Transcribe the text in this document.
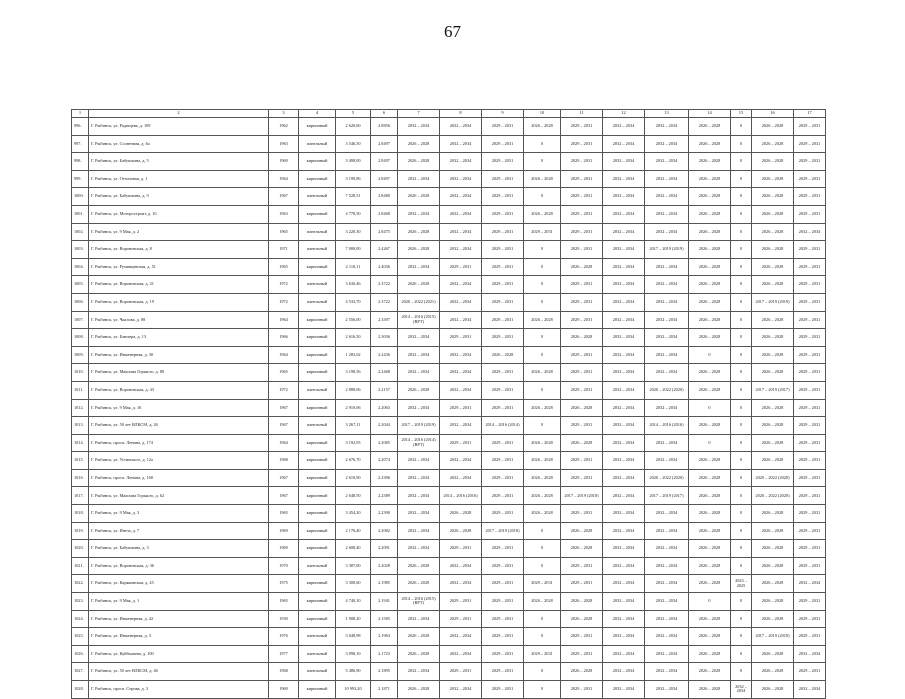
67
1	2	3	4	5	6	7	8	9	10	11	12	13	14	15	16	17
996.	Г. Рыбинск, ул. Радищева, д. 109	1962	кирпичный	2 620,60	2.8856	2032 – 2034	2032 – 2034	2029 – 2031	2026 – 2028	2029 – 2031	2032 – 2034	2032 – 2034	2026 – 2028	0	2026 – 2028	2029 – 2031
997.	Г. Рыбинск, ул. Солнечная, д. 6а	1963	панельный	3 546,50	2.8497	2026 – 2028	2032 – 2034	2029 – 2031	0	2029 – 2031	2032 – 2034	2032 – 2034	2026 – 2028	0	2026 – 2028	2029 – 2031
998.	Г. Рыбинск, ул. Бабушкина, д. 5	1969	кирпичный	3 498,00	2.8497	2026 – 2028	2032 – 2034	2029 – 2031	0	2029 – 2031	2032 – 2034	2032 – 2034	2026 – 2028	0	2026 – 2028	2029 – 2031
999.	Г. Рыбинск, ул. Отгоновая, д. 1	1964	кирпичный	3 199,86	2.8497	2032 – 2034	2032 – 2034	2029 – 2031	2026 – 2028	2029 – 2031	2032 – 2034	2032 – 2034	2026 – 2028	0	2026 – 2028	2029 – 2031
1000.	Г. Рыбинск, ул. Бабушкина, д. 9	1967	панельный	7 528,51	2.8480	2026 – 2028	2032 – 2034	2029 – 2031	0	2029 – 2031	2032 – 2034	2032 – 2034	2026 – 2028	0	2026 – 2028	2029 – 2031
1001.	Г. Рыбинск, ул. Моторостроит, д. 10	1963	кирпичный	4 778,50	2.8468	2032 – 2034	2032 – 2034	2029 – 2031	2026 – 2028	2029 – 2031	2032 – 2034	2032 – 2034	2026 – 2028	0	2026 – 2028	2029 – 2031
1002.	Г. Рыбинск, ул. 9 Мая, д. 2	1965	панельный	3 220,30	2.8475	2026 – 2028	2032 – 2034	2029 – 2031	2029 – 2031	2029 – 2031	2032 – 2034	2032 – 2034	2026 – 2028	0	2026 – 2028	2032 – 2034
1003.	Г. Рыбинск, ул. Вороновская, д. 8	1971	панельный	7 000,00	2.4267	2026 – 2028	2032 – 2034	2029 – 2031	0	2029 – 2031	2032 – 2034	2017 – 2019 (2019)	2026 – 2028	0	2026 – 2028	2029 – 2031
1004.	Г. Рыбинск, ул. Румянцевская, д. 51	1965	кирпичный	2 118,11	2.4036	2032 – 2034	2029 – 2031	2029 – 2031	0	2026 – 2028	2032 – 2034	2032 – 2034	2026 – 2028	0	2026 – 2028	2029 – 2031
1005.	Г. Рыбинск, ул. Вороновская, д. 21	1972	панельный	3 630,46	2.3722	2026 – 2028	2032 – 2034	2029 – 2031	0	2029 – 2031	2032 – 2034	2032 – 2034	2026 – 2028	0	2026 – 2028	2029 – 2031
1006.	Г. Рыбинск, ул. Вороновская, д. 19	1972	панельный	4 533,70	2.3722	2020 – 2022 (2021)	2032 – 2034	2029 – 2031	0	2029 – 2031	2032 – 2034	2032 – 2034	2026 – 2028	0	2017 – 2019 (2019)	2029 – 2031
1007.	Г. Рыбинск, ул. Чкалова, д. 88	1964	кирпичный	2 556,00	2.3397	2014 – 2016 (2015)(ВРТ)	2032 – 2034	2029 – 2031	2026 – 2028	2029 – 2031	2032 – 2034	2032 – 2034	2026 – 2028	0	2026 – 2028	2029 – 2031
1008.	Г. Рыбинск, ул. Блюхера, д. 13	1966	кирпичный	2 616,50	2.3036	2032 – 2034	2029 – 2031	2029 – 2031	0	2026 – 2028	2032 – 2034	2032 – 2034	2026 – 2028	0	2026 – 2028	2029 – 2031
1009.	Г. Рыбинск, ул. Инженерная, д. 30	1964	кирпичный	1 283,02	2.2436	2032 – 2034	2032 – 2034	2026 – 2028	0	2029 – 2031	2032 – 2034	2032 – 2034	0	0	2026 – 2028	2029 – 2031
1010.	Г. Рыбинск, ул. Максима Горького, д. 80	1965	кирпичный	3 198,56	2.2468	2032 – 2034	2032 – 2034	2029 – 2031	2026 – 2028	2029 – 2031	2032 – 2034	2032 – 2034	2026 – 2028	0	2026 – 2028	2029 – 2031
1011.	Г. Рыбинск, ул. Вороновская, д. 43	1972	панельный	2 888,06	2.2157	2026 – 2028	2032 – 2034	2029 – 2031	0	2029 – 2031	2032 – 2034	2020 – 2022 (2020)	2026 – 2028	0	2017 – 2019 (2017)	2029 – 2031
1012.	Г. Рыбинск, ул. 9 Мая, д. 16	1967	кирпичный	2 910,06	2.2063	2032 – 2034	2029 – 2031	2029 – 2031	2026 – 2028	2026 – 2028	2032 – 2034	2032 – 2034	0	0	2026 – 2028	2029 – 2031
1013.	Г. Рыбинск, ул. 50 лет ВЛКСМ, д. 26	1967	панельный	3 267,11	2.2044	2017 – 2019 (2019)	2032 – 2034	2014 – 2016 (2014)	0	2029 – 2031	2032 – 2034	2014 – 2016 (2016)	2026 – 2028	0	2026 – 2028	2029 – 2031
1014.	Г. Рыбинск, просп. Ленина, д. 174	1964	кирпичный	3 192,93	2.2085	2014 – 2016 (2014)(ВРТ)	2029 – 2031	2029 – 2031	2026 – 2028	2026 – 2028	2032 – 2034	2032 – 2034	0	0	2026 – 2028	2029 – 2031
1015.	Г. Рыбинск, ул. Устинского, д. 12а	1968	кирпичный	2 676,70	2.2074	2032 – 2034	2032 – 2034	2029 – 2031	2026 – 2028	2029 – 2031	2032 – 2034	2032 – 2034	2026 – 2028	0	2026 – 2028	2029 – 2031
1016.	Г. Рыбинск, просп. Ленина, д. 168	1967	кирпичный	2 618,90	2.2396	2032 – 2034	2032 – 2034	2029 – 2031	2026 – 2028	2029 – 2031	2032 – 2034	2020 – 2022 (2020)	2026 – 2028	0	2020 – 2022 (2020)	2029 – 2031
1017.	Г. Рыбинск, ул. Максима Горького, д. 62	1967	кирпичный	2 648,50	2.2389	2032 – 2034	2014 – 2016 (2016)	2029 – 2031	2026 – 2028	2017 – 2019 (2018)	2032 – 2034	2017 – 2019 (2017)	2026 – 2028	0	2020 – 2022 (2020)	2029 – 2031
1018.	Г. Рыбинск, ул. 9 Мая, д. 3	1965	кирпичный	3 454,20	2.2390	2032 – 2034	2026 – 2028	2029 – 2031	2026 – 2028	2029 – 2031	2032 – 2034	2032 – 2034	2026 – 2028	0	2026 – 2028	2029 – 2031
1019.	Г. Рыбинск, ул. Инеза, д. 7	1969	кирпичный	2 176,40	2.2082	2032 – 2034	2026 – 2028	2017 – 2019 (2018)	0	2026 – 2028	2032 – 2034	2032 – 2034	2026 – 2028	0	2026 – 2028	2029 – 2031
1020.	Г. Рыбинск, ул. Бабушкина, д. 3	1969	кирпичный	2 608,40	2.2091	2032 – 2034	2029 – 2031	2029 – 2031	0	2026 – 2028	2032 – 2034	2032 – 2034	2026 – 2028	0	2026 – 2028	2029 – 2031
1021.	Г. Рыбинск, ул. Вороновская, д. 36	1970	панельный	3 387,00	2.2028	2026 – 2028	2032 – 2034	2029 – 2031	0	2029 – 2031	2032 – 2034	2032 – 2034	2026 – 2028	0	2026 – 2028	2029 – 2031
1022.	Г. Рыбинск, ул. Карякинская, д. 45	1975	кирпичный	3 308,60	2.1985	2026 – 2028	2032 – 2034	2029 – 2031	2029 – 2031	2029 – 2031	2032 – 2034	2032 – 2034	2026 – 2028	2023 – 2025	2026 – 2028	2032 – 2034
1023.	Г. Рыбинск, ул. 9 Мая, д. 1	1965	кирпичный	4 740,10	2.1941	2014 – 2016 (2015)(ВРТ)	2029 – 2031	2029 – 2031	2026 – 2028	2026 – 2028	2032 – 2034	2032 – 2034	0	0	2026 – 2028	2029 – 2031
1024.	Г. Рыбинск, ул. Инженерная, д. 42	1930	кирпичный	1 908,20	2.1585	2032 – 2034	2029 – 2031	2029 – 2031	0	2026 – 2028	2032 – 2034	2032 – 2034	2026 – 2028	0	2026 – 2028	2029 – 2031
1025.	Г. Рыбинск, ул. Инженерная, д. 3	1976	панельный	3 048,98	2.1963	2026 – 2028	2032 – 2034	2029 – 2031	0	2029 – 2031	2032 – 2034	2032 – 2034	2026 – 2028	0	2017 – 2019 (2018)	2029 – 2031
1026.	Г. Рыбинск, ул. Куйбышева, д. 100	1977	панельный	3 098,10	2.1723	2026 – 2028	2032 – 2034	2029 – 2031	2029 – 2031	2029 – 2031	2032 – 2034	2032 – 2034	2026 – 2028	0	2026 – 2028	2032 – 2034
1027.	Г. Рыбинск, ул. 50 лет ВЛКСМ, д. 46	1968	панельный	5 486,90	2.1895	2032 – 2034	2029 – 2031	2029 – 2031	0	2026 – 2028	2032 – 2034	2032 – 2034	2026 – 2028	0	2026 – 2028	2029 – 2031
1028.	Г. Рыбинск, просп. Серова, д. 3	1969	кирпичный	10 993,20	2.1871	2026 – 2028	2032 – 2034	2029 – 2031	0	2029 – 2031	2032 – 2034	2032 – 2034	2026 – 2028	2032 – 2034	2026 – 2028	2032 – 2034
